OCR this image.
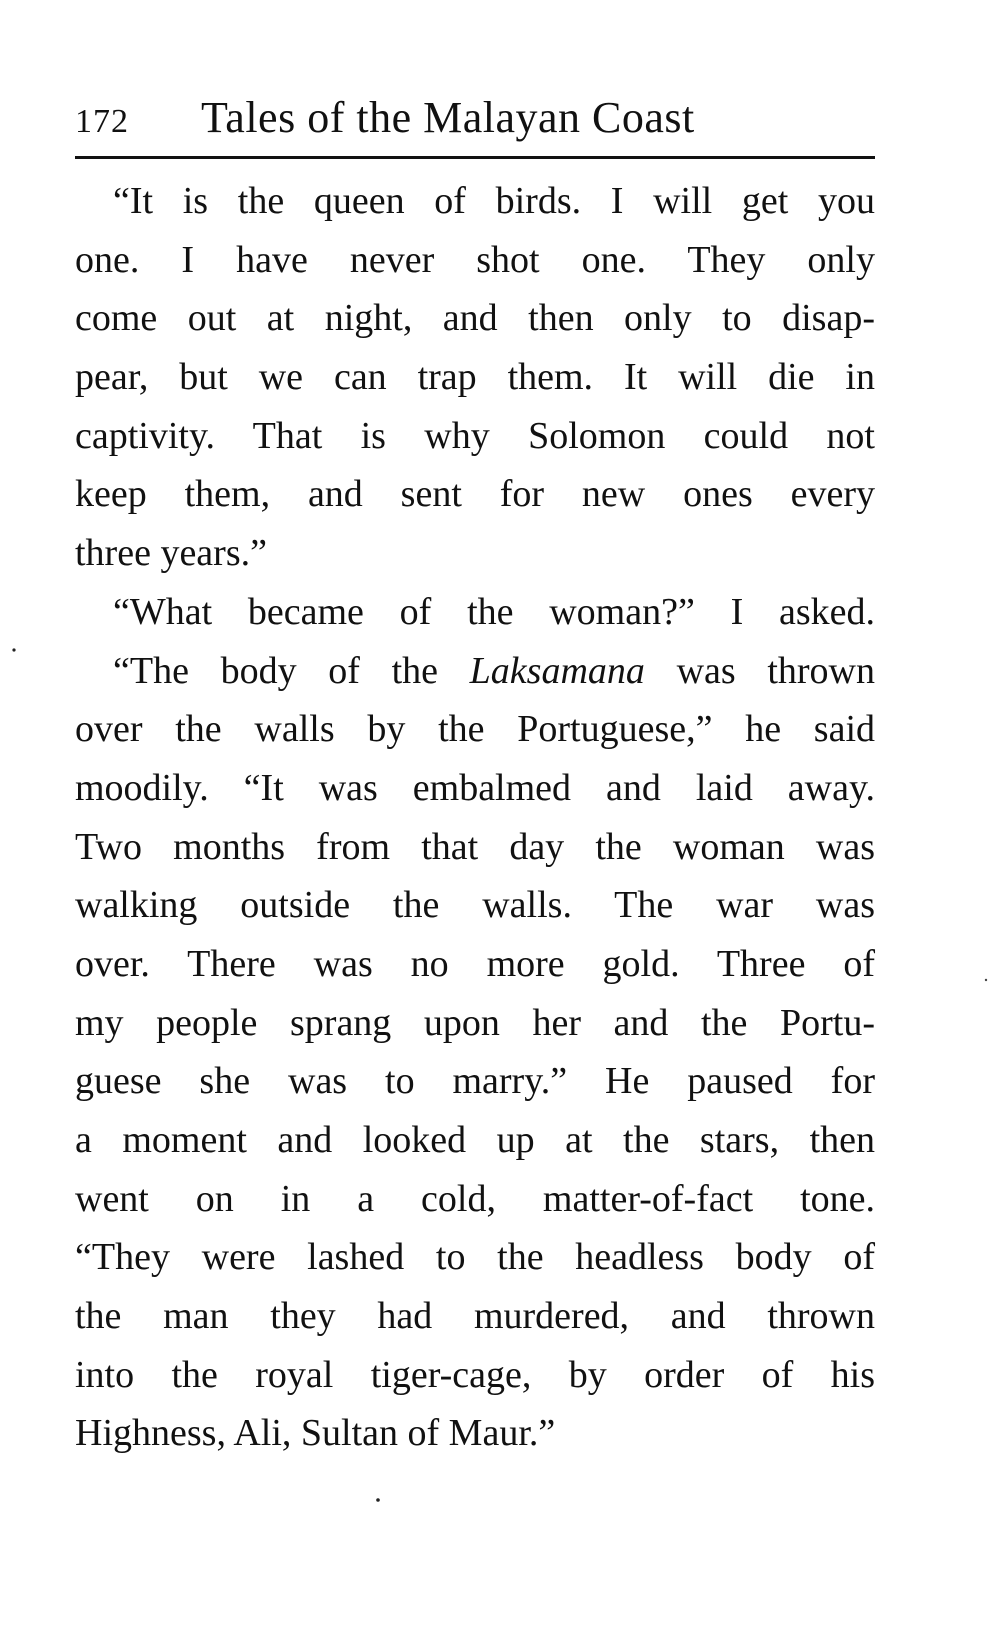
172 Tales of the Malayan Coast
“It is the queen of birds. I will get you
one. I have never shot one. They only
come out at night, and then only to disap-
pear, but we can trap them. It will die in
captivity. That is why Solomon could not
keep them, and sent for new ones every
three years.”
“What became of the woman?” I asked.
“The body of the Laksamana was thrown
over the walls by the Portuguese,” he said
moodily. “It was embalmed and laid away.
Two months from that day the woman was
walking outside the walls. The war was
over. There was no more gold. Three of
my people sprang upon her and the Portu-
guese she was to marry.” He paused for
a moment and looked up at the stars, then
went on in a cold, matter-of-fact tone.
“They were lashed to the headless body of
the man they had murdered, and thrown
into the royal tiger-cage, by order of his
Highness, Ali, Sultan of Maur.”
